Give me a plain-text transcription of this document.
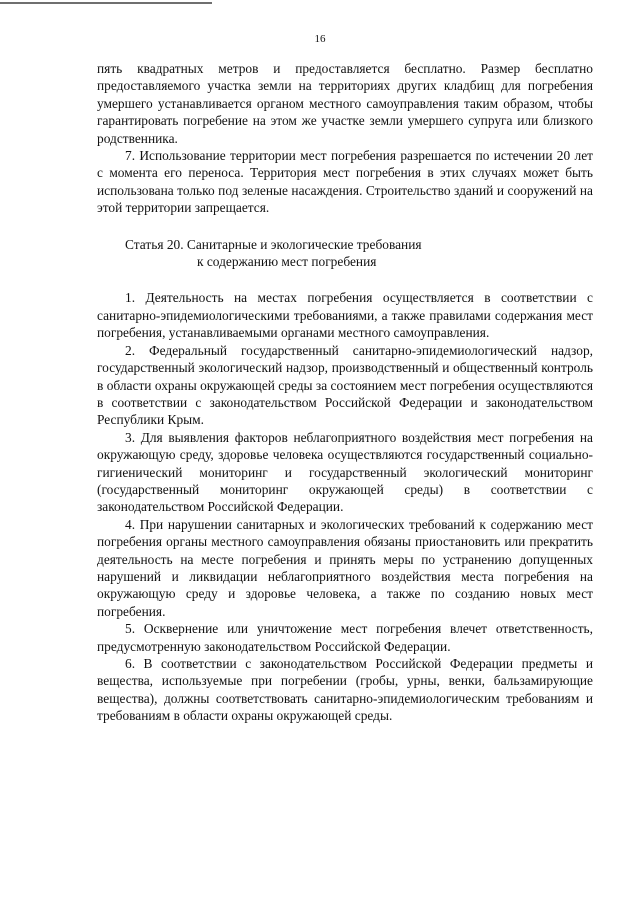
16

пять квадратных метров и предоставляется бесплатно. Размер бесплатно предоставляемого участка земли на территориях других кладбищ для погребения умершего устанавливается органом местного самоуправления таким образом, чтобы гарантировать погребение на этом же участке земли умершего супруга или близкого родственника.

7. Использование территории мест погребения разрешается по истечении 20 лет с момента его переноса. Территория мест погребения в этих случаях может быть использована только под зеленые насаждения. Строительство зданий и сооружений на этой территории запрещается.

Статья 20. Санитарные и экологические требования
к содержанию мест погребения

1. Деятельность на местах погребения осуществляется в соответствии с санитарно-эпидемиологическими требованиями, а также правилами содержания мест погребения, устанавливаемыми органами местного самоуправления.

2. Федеральный государственный санитарно-эпидемиологический надзор, государственный экологический надзор, производственный и общественный контроль в области охраны окружающей среды за состоянием мест погребения осуществляются в соответствии с законодательством Российской Федерации и законодательством Республики Крым.

3. Для выявления факторов неблагоприятного воздействия мест погребения на окружающую среду, здоровье человека осуществляются государственный социально-гигиенический мониторинг и государственный экологический мониторинг (государственный мониторинг окружающей среды) в соответствии с законодательством Российской Федерации.

4. При нарушении санитарных и экологических требований к содержанию мест погребения органы местного самоуправления обязаны приостановить или прекратить деятельность на месте погребения и принять меры по устранению допущенных нарушений и ликвидации неблагоприятного воздействия места погребения на окружающую среду и здоровье человека, а также по созданию новых мест погребения.

5. Осквернение или уничтожение мест погребения влечет ответственность, предусмотренную законодательством Российской Федерации.

6. В соответствии с законодательством Российской Федерации предметы и вещества, используемые при погребении (гробы, урны, венки, бальзамирующие вещества), должны соответствовать санитарно-эпидемиологическим требованиям и требованиям в области охраны окружающей среды.
